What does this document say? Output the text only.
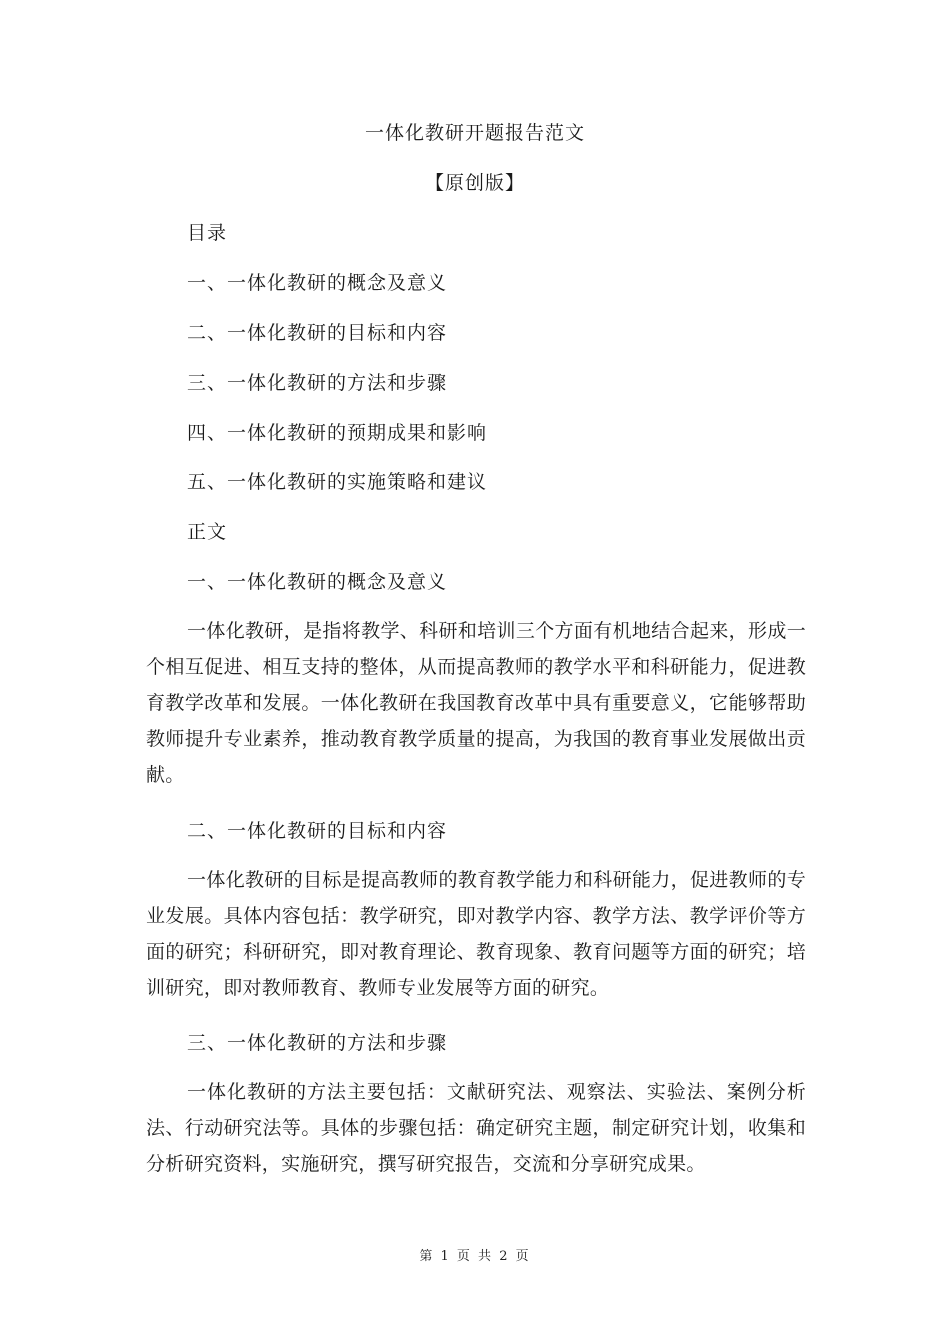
一体化教研开题报告范文
【原创版】
目录
一、一体化教研的概念及意义
二、一体化教研的目标和内容
三、一体化教研的方法和步骤
四、一体化教研的预期成果和影响
五、一体化教研的实施策略和建议
正文
一、一体化教研的概念及意义

一体化教研，是指将教学、科研和培训三个方面有机地结合起来，形成一个相互促进、相互支持的整体，从而提高教师的教学水平和科研能力，促进教育教学改革和发展。一体化教研在我国教育改革中具有重要意义，它能够帮助教师提升专业素养，推动教育教学质量的提高，为我国的教育事业发展做出贡献。

二、一体化教研的目标和内容

一体化教研的目标是提高教师的教育教学能力和科研能力，促进教师的专业发展。具体内容包括：教学研究，即对教学内容、教学方法、教学评价等方面的研究；科研研究，即对教育理论、教育现象、教育问题等方面的研究；培训研究，即对教师教育、教师专业发展等方面的研究。

三、一体化教研的方法和步骤

一体化教研的方法主要包括：文献研究法、观察法、实验法、案例分析法、行动研究法等。具体的步骤包括：确定研究主题，制定研究计划，收集和分析研究资料，实施研究，撰写研究报告，交流和分享研究成果。

第 1 页 共 2 页
